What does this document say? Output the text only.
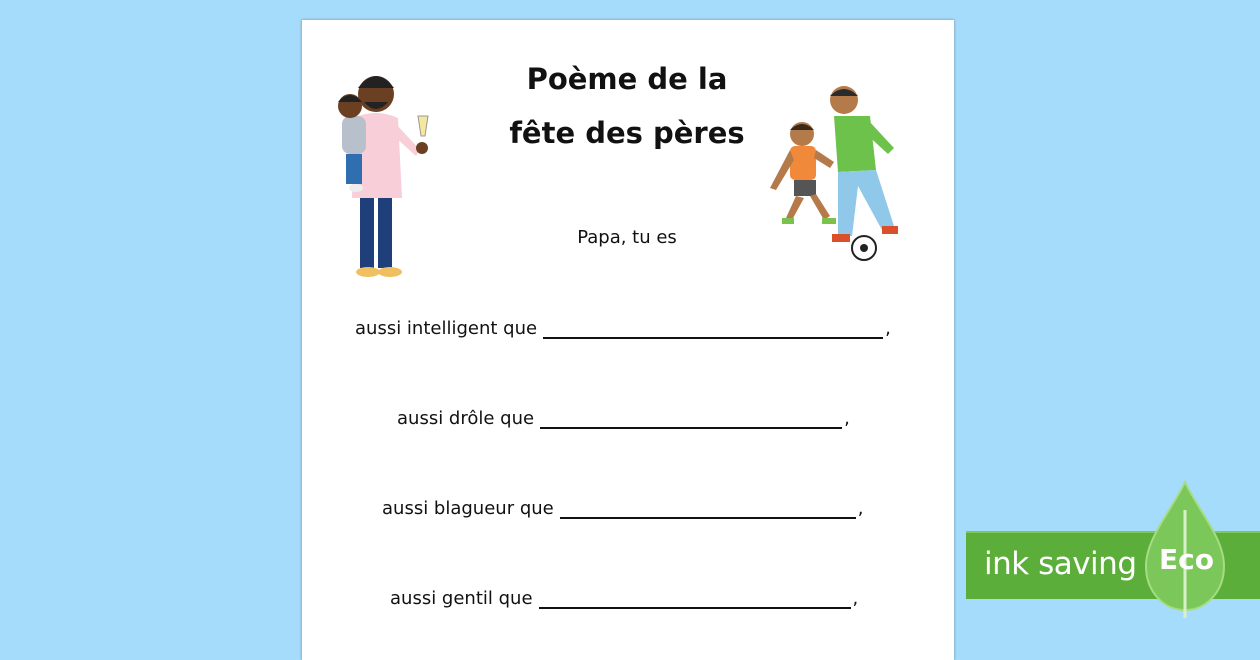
Poème de la
fête des pères
Papa, tu es
aussi intelligent que	,
aussi drôle que	,
aussi blagueur que	,
aussi gentil que	,
ink saving Eco
